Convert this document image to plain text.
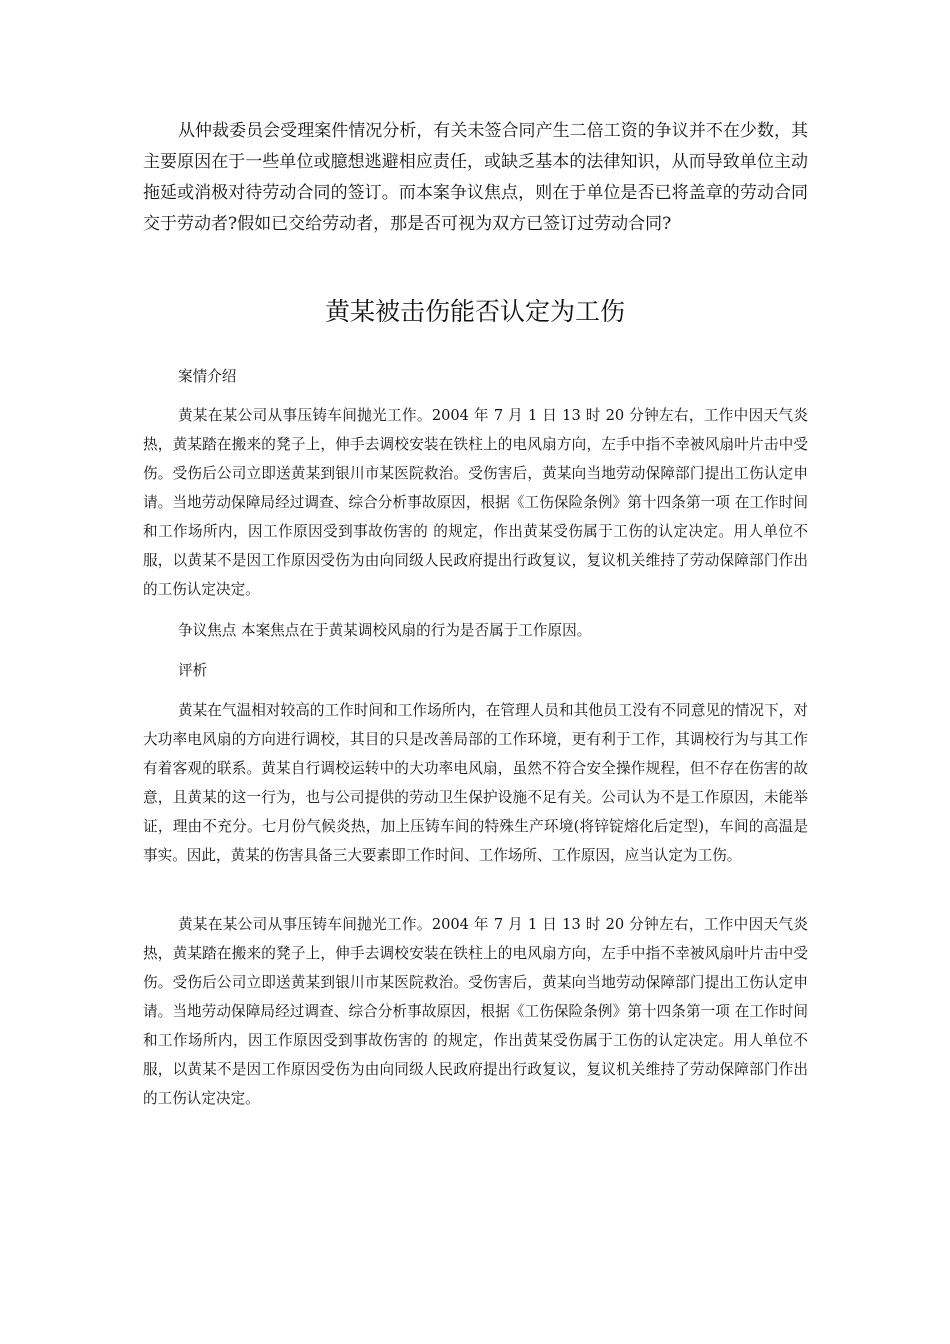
从仲裁委员会受理案件情况分析，有关未签合同产生二倍工资的争议并不在少数，其主要原因在于一些单位或臆想逃避相应责任，或缺乏基本的法律知识，从而导致单位主动拖延或消极对待劳动合同的签订。而本案争议焦点，则在于单位是否已将盖章的劳动合同交于劳动者?假如已交给劳动者，那是否可视为双方已签订过劳动合同?

黄某被击伤能否认定为工伤

案情介绍

黄某在某公司从事压铸车间抛光工作。2004 年 7 月 1 日 13 时 20 分钟左右，工作中因天气炎热，黄某踏在搬来的凳子上，伸手去调校安装在铁柱上的电风扇方向，左手中指不幸被风扇叶片击中受伤。受伤后公司立即送黄某到银川市某医院救治。受伤害后，黄某向当地劳动保障部门提出工伤认定申请。当地劳动保障局经过调查、综合分析事故原因，根据《工伤保险条例》第十四条第一项 在工作时间和工作场所内，因工作原因受到事故伤害的 的规定，作出黄某受伤属于工伤的认定决定。用人单位不服，以黄某不是因工作原因受伤为由向同级人民政府提出行政复议，复议机关维持了劳动保障部门作出的工伤认定决定。

争议焦点 本案焦点在于黄某调校风扇的行为是否属于工作原因。

评析

黄某在气温相对较高的工作时间和工作场所内，在管理人员和其他员工没有不同意见的情况下，对大功率电风扇的方向进行调校，其目的只是改善局部的工作环境，更有利于工作，其调校行为与其工作有着客观的联系。黄某自行调校运转中的大功率电风扇，虽然不符合安全操作规程，但不存在伤害的故意，且黄某的这一行为，也与公司提供的劳动卫生保护设施不足有关。公司认为不是工作原因，未能举证，理由不充分。七月份气候炎热，加上压铸车间的特殊生产环境(将锌锭熔化后定型)，车间的高温是事实。因此，黄某的伤害具备三大要素即工作时间、工作场所、工作原因，应当认定为工伤。

黄某在某公司从事压铸车间抛光工作。2004 年 7 月 1 日 13 时 20 分钟左右，工作中因天气炎热，黄某踏在搬来的凳子上，伸手去调校安装在铁柱上的电风扇方向，左手中指不幸被风扇叶片击中受伤。受伤后公司立即送黄某到银川市某医院救治。受伤害后，黄某向当地劳动保障部门提出工伤认定申请。当地劳动保障局经过调查、综合分析事故原因，根据《工伤保险条例》第十四条第一项 在工作时间和工作场所内，因工作原因受到事故伤害的 的规定，作出黄某受伤属于工伤的认定决定。用人单位不服，以黄某不是因工作原因受伤为由向同级人民政府提出行政复议，复议机关维持了劳动保障部门作出的工伤认定决定。
